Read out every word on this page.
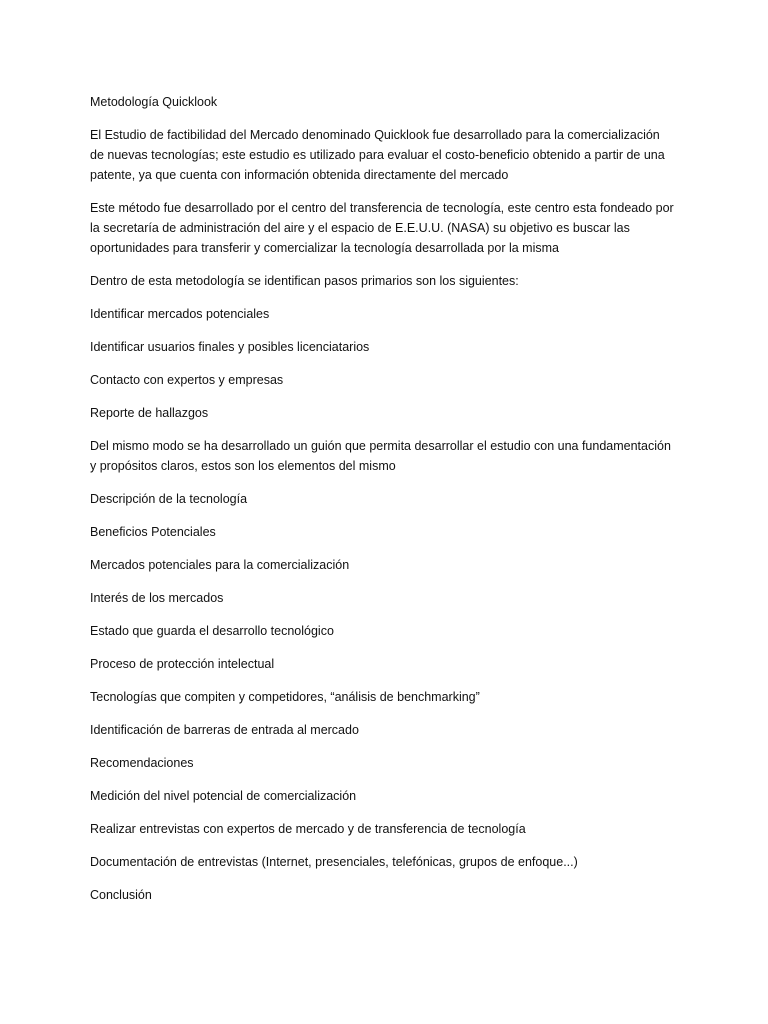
Metodología Quicklook

El Estudio de factibilidad del Mercado denominado Quicklook fue desarrollado para la comercialización de nuevas tecnologías; este estudio es utilizado para evaluar el costo-beneficio obtenido a partir de una patente, ya que cuenta con información obtenida directamente del mercado

Este método fue desarrollado por el centro del transferencia de tecnología, este centro esta fondeado por la secretaría de administración del aire y el espacio de E.E.U.U. (NASA) su objetivo es buscar las oportunidades para transferir y comercializar la tecnología desarrollada por la misma

Dentro de esta metodología se identifican pasos primarios son los siguientes:

Identificar mercados potenciales

Identificar usuarios finales y posibles licenciatarios

Contacto con expertos y empresas

Reporte de hallazgos

Del mismo modo se ha desarrollado un guión que permita desarrollar el estudio con una fundamentación y propósitos claros, estos son los elementos del mismo

Descripción de la tecnología

Beneficios Potenciales

Mercados potenciales para la comercialización

Interés de los mercados

Estado que guarda el desarrollo tecnológico

Proceso de protección intelectual

Tecnologías que compiten y competidores, “análisis de benchmarking”

Identificación de barreras de entrada al mercado

Recomendaciones

Medición del nivel potencial de comercialización

Realizar entrevistas con expertos de mercado y de transferencia de tecnología

Documentación de entrevistas (Internet, presenciales, telefónicas, grupos de enfoque...)

Conclusión
